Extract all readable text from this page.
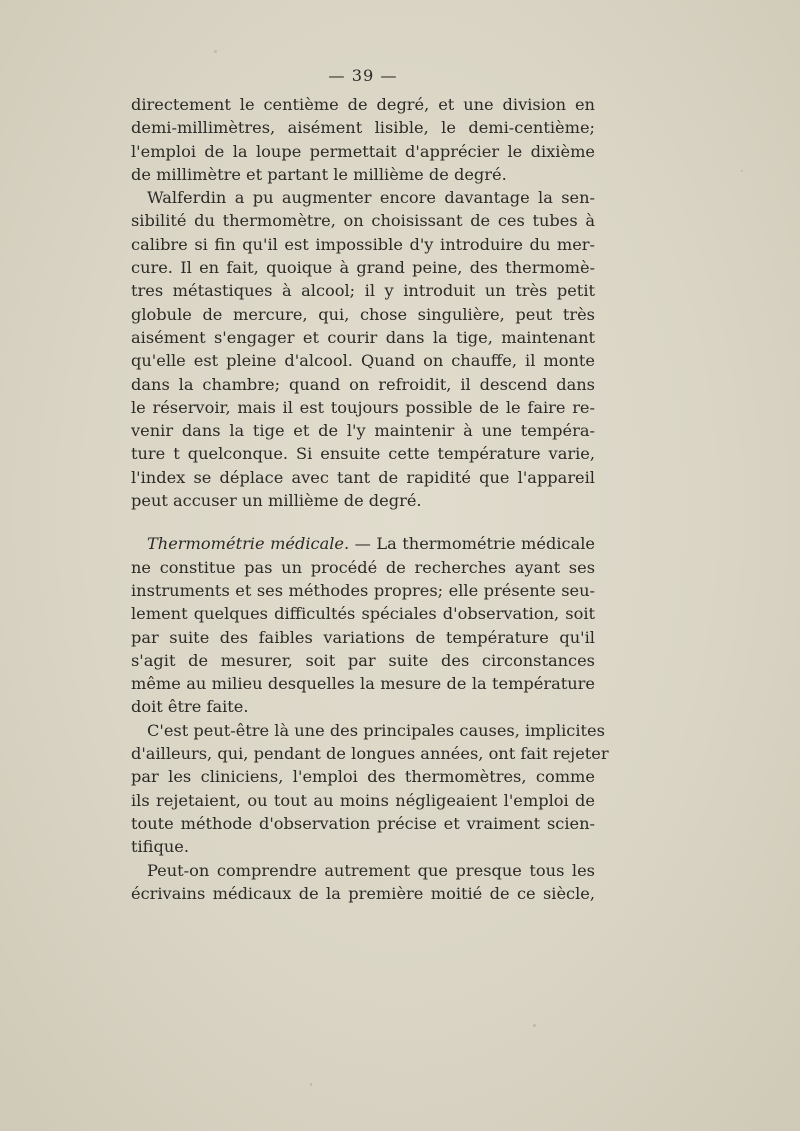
— 39 —

directement le centième de degré, et une division en
demi-millimètres, aisément lisible, le demi-centième;
l'emploi de la loupe permettait d'apprécier le dixième
de millimètre et partant le millième de degré.

Walferdin a pu augmenter encore davantage la sen-
sibilité du thermomètre, on choisissant de ces tubes à
calibre si fin qu'il est impossible d'y introduire du mer-
cure. Il en fait, quoique à grand peine, des thermomè-
tres métastiques à alcool; il y introduit un très petit
globule de mercure, qui, chose singulière, peut très
aisément s'engager et courir dans la tige, maintenant
qu'elle est pleine d'alcool. Quand on chauffe, il monte
dans la chambre; quand on refroidit, il descend dans
le réservoir, mais il est toujours possible de le faire re-
venir dans la tige et de l'y maintenir à une tempéra-
ture t quelconque. Si ensuite cette température varie,
l'index se déplace avec tant de rapidité que l'appareil
peut accuser un millième de degré.

Thermométrie médicale. — La thermométrie médicale
ne constitue pas un procédé de recherches ayant ses
instruments et ses méthodes propres; elle présente seu-
lement quelques difficultés spéciales d'observation, soit
par suite des faibles variations de température qu'il
s'agit de mesurer, soit par suite des circonstances
même au milieu desquelles la mesure de la température
doit être faite.

C'est peut-être là une des principales causes, implicites
d'ailleurs, qui, pendant de longues années, ont fait rejeter
par les cliniciens, l'emploi des thermomètres, comme
ils rejetaient, ou tout au moins négligeaient l'emploi de
toute méthode d'observation précise et vraiment scien-
tifique.

Peut-on comprendre autrement que presque tous les
écrivains médicaux de la première moitié de ce siècle,
